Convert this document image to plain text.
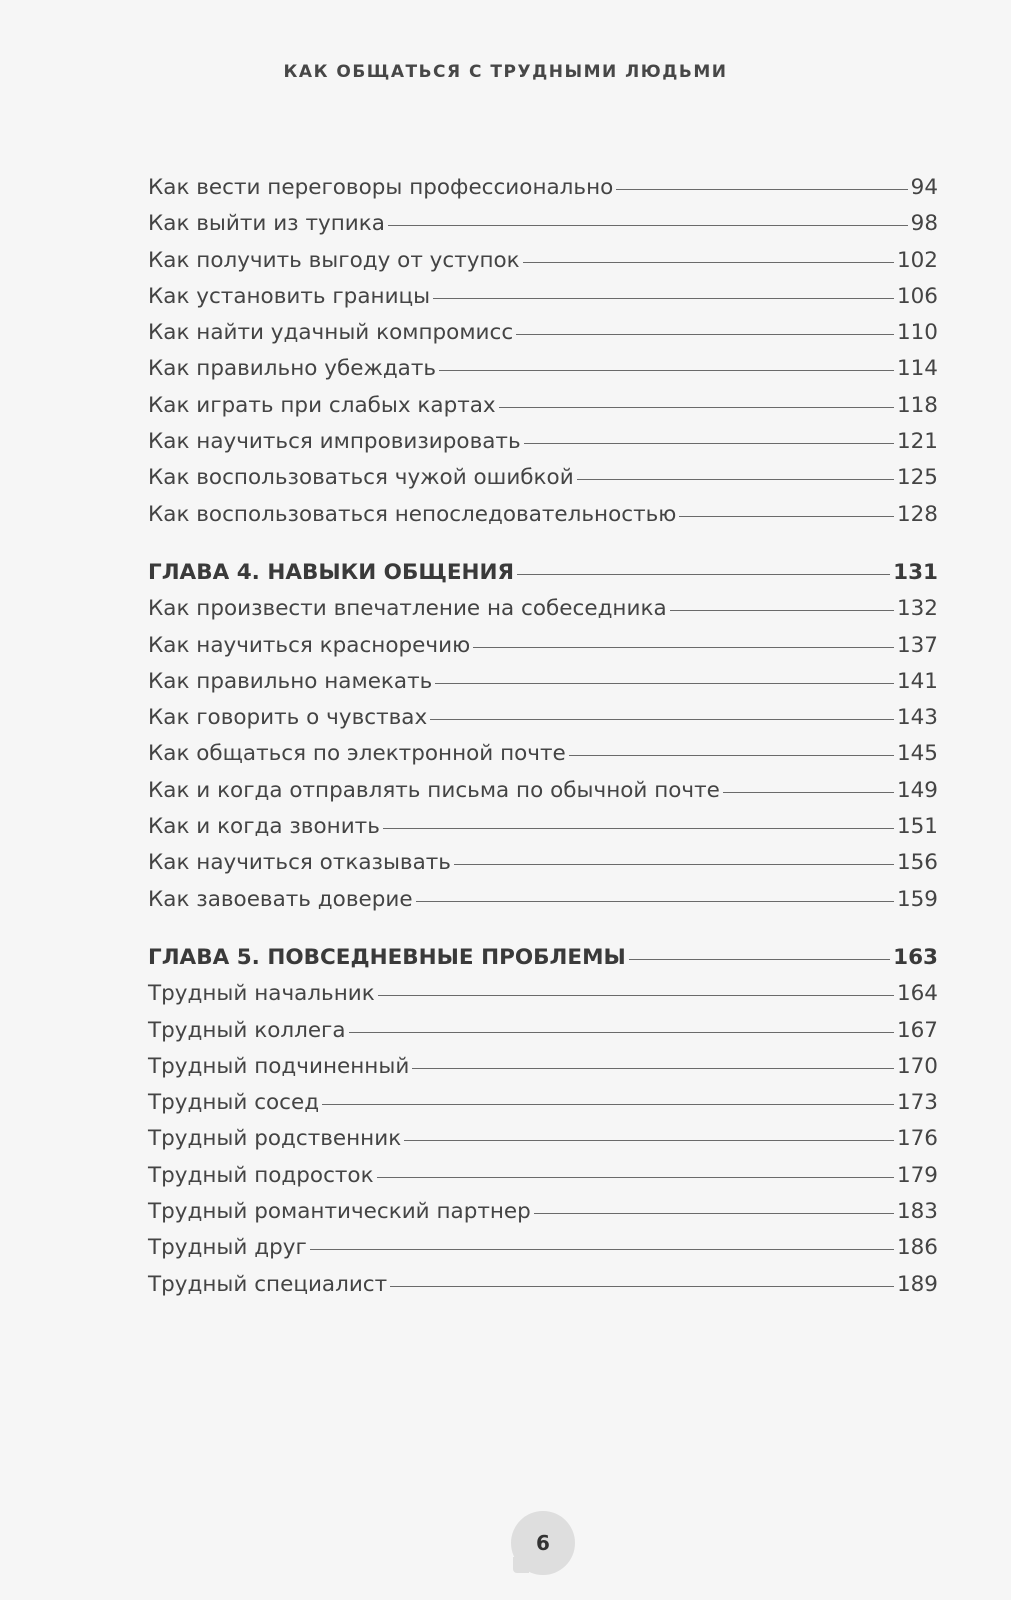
КАК ОБЩАТЬСЯ С ТРУДНЫМИ ЛЮДЬМИ
Как вести переговоры профессионально	94
Как выйти из тупика	98
Как получить выгоду от уступок	102
Как установить границы	106
Как найти удачный компромисс	110
Как правильно убеждать	114
Как играть при слабых картах	118
Как научиться импровизировать	121
Как воспользоваться чужой ошибкой	125
Как воспользоваться непоследовательностью	128
ГЛАВА 4. НАВЫКИ ОБЩЕНИЯ	131
Как произвести впечатление на собеседника	132
Как научиться красноречию	137
Как правильно намекать	141
Как говорить о чувствах	143
Как общаться по электронной почте	145
Как и когда отправлять письма по обычной почте	149
Как и когда звонить	151
Как научиться отказывать	156
Как завоевать доверие	159
ГЛАВА 5. ПОВСЕДНЕВНЫЕ ПРОБЛЕМЫ	163
Трудный начальник	164
Трудный коллега	167
Трудный подчиненный	170
Трудный сосед	173
Трудный родственник	176
Трудный подросток	179
Трудный романтический партнер	183
Трудный друг	186
Трудный специалист	189
6
